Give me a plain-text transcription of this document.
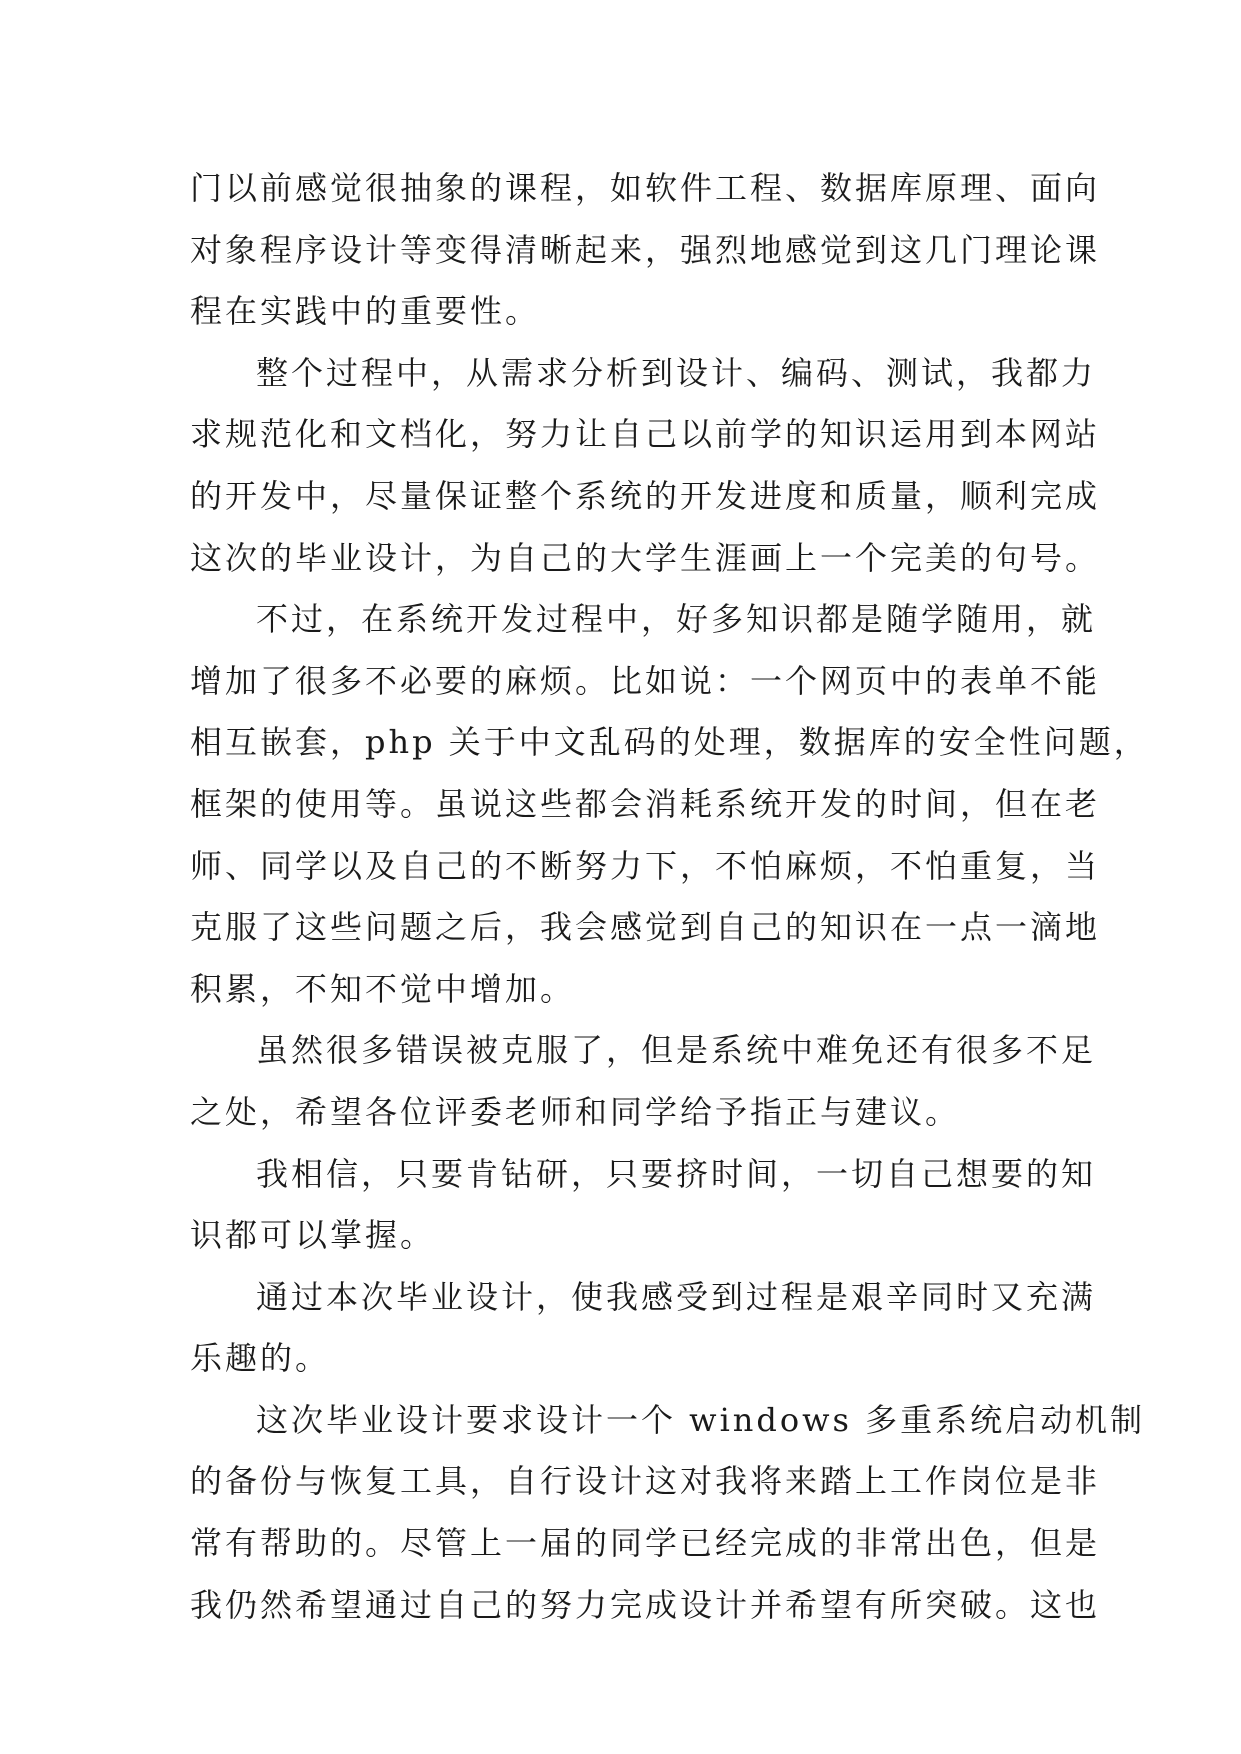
门以前感觉很抽象的课程，如软件工程、数据库原理、面向
对象程序设计等变得清晰起来，强烈地感觉到这几门理论课
程在实践中的重要性。
整个过程中，从需求分析到设计、编码、测试，我都力
求规范化和文档化，努力让自己以前学的知识运用到本网站
的开发中，尽量保证整个系统的开发进度和质量，顺利完成
这次的毕业设计，为自己的大学生涯画上一个完美的句号。
不过，在系统开发过程中，好多知识都是随学随用，就
增加了很多不必要的麻烦。比如说：一个网页中的表单不能
相互嵌套，php 关于中文乱码的处理，数据库的安全性问题，
框架的使用等。虽说这些都会消耗系统开发的时间，但在老
师、同学以及自己的不断努力下，不怕麻烦，不怕重复，当
克服了这些问题之后，我会感觉到自己的知识在一点一滴地
积累，不知不觉中增加。
虽然很多错误被克服了，但是系统中难免还有很多不足
之处，希望各位评委老师和同学给予指正与建议。
我相信，只要肯钻研，只要挤时间，一切自己想要的知
识都可以掌握。
通过本次毕业设计，使我感受到过程是艰辛同时又充满
乐趣的。
这次毕业设计要求设计一个 windows 多重系统启动机制
的备份与恢复工具，自行设计这对我将来踏上工作岗位是非
常有帮助的。尽管上一届的同学已经完成的非常出色，但是
我仍然希望通过自己的努力完成设计并希望有所突破。这也
